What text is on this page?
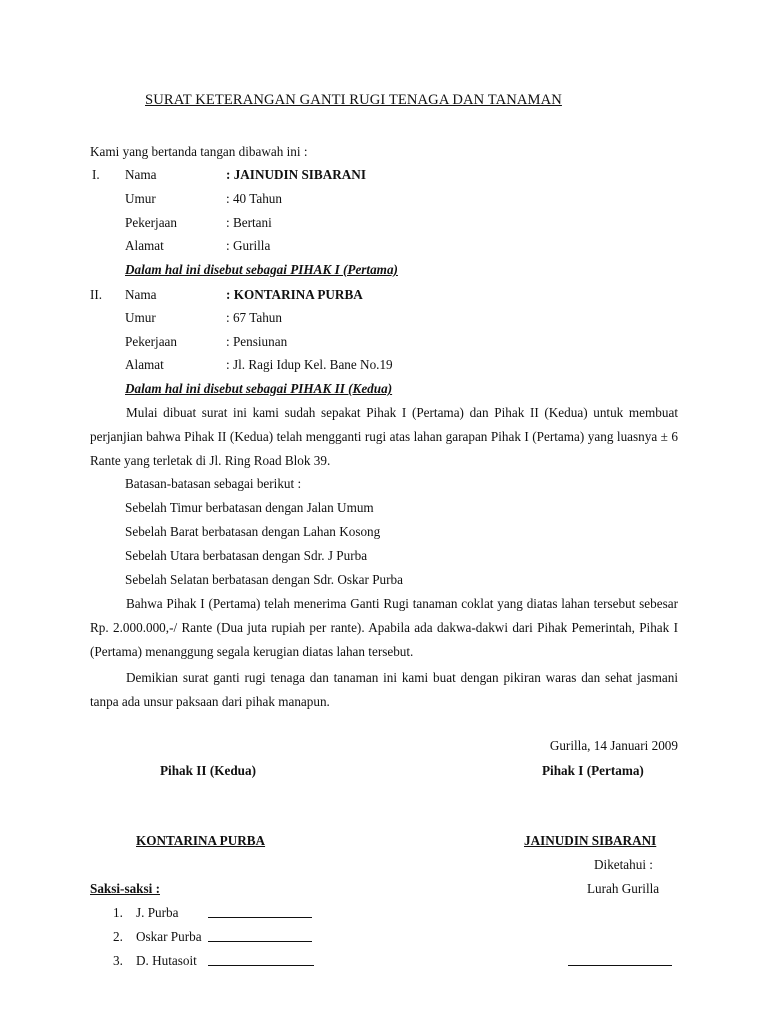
SURAT KETERANGAN GANTI RUGI TENAGA DAN TANAMAN
Kami yang bertanda tangan dibawah ini :
I. Nama	: JAINUDIN SIBARANI
Umur	: 40 Tahun
Pekerjaan	: Bertani
Alamat	: Gurilla
Dalam hal ini disebut sebagai PIHAK I (Pertama)
II. Nama	: KONTARINA PURBA
Umur	: 67 Tahun
Pekerjaan	: Pensiunan
Alamat	: Jl. Ragi Idup Kel. Bane No.19
Dalam hal ini disebut sebagai PIHAK II (Kedua)
Mulai dibuat surat ini kami sudah sepakat Pihak I (Pertama) dan Pihak II (Kedua) untuk membuat perjanjian bahwa Pihak II (Kedua) telah mengganti rugi atas lahan garapan Pihak I (Pertama) yang luasnya ± 6 Rante yang terletak di Jl. Ring Road Blok 39.
Batasan-batasan sebagai berikut :
Sebelah Timur berbatasan dengan Jalan Umum
Sebelah Barat berbatasan dengan Lahan Kosong
Sebelah Utara berbatasan dengan Sdr. J Purba
Sebelah Selatan berbatasan dengan Sdr. Oskar Purba
Bahwa Pihak I (Pertama) telah menerima Ganti Rugi tanaman coklat yang diatas lahan tersebut sebesar Rp. 2.000.000,-/ Rante (Dua juta rupiah per rante). Apabila ada dakwa-dakwi dari Pihak Pemerintah, Pihak I (Pertama) menanggung segala kerugian diatas lahan tersebut.
Demikian surat ganti rugi tenaga dan tanaman ini kami buat dengan pikiran waras dan sehat jasmani tanpa ada unsur paksaan dari pihak manapun.
Gurilla, 14 Januari 2009
Pihak II (Kedua)	Pihak I (Pertama)
KONTARINA PURBA	JAINUDIN SIBARANI
Diketahui :
Lurah Gurilla
Saksi-saksi :
1. J. Purba
2. Oskar Purba
3. D. Hutasoit
